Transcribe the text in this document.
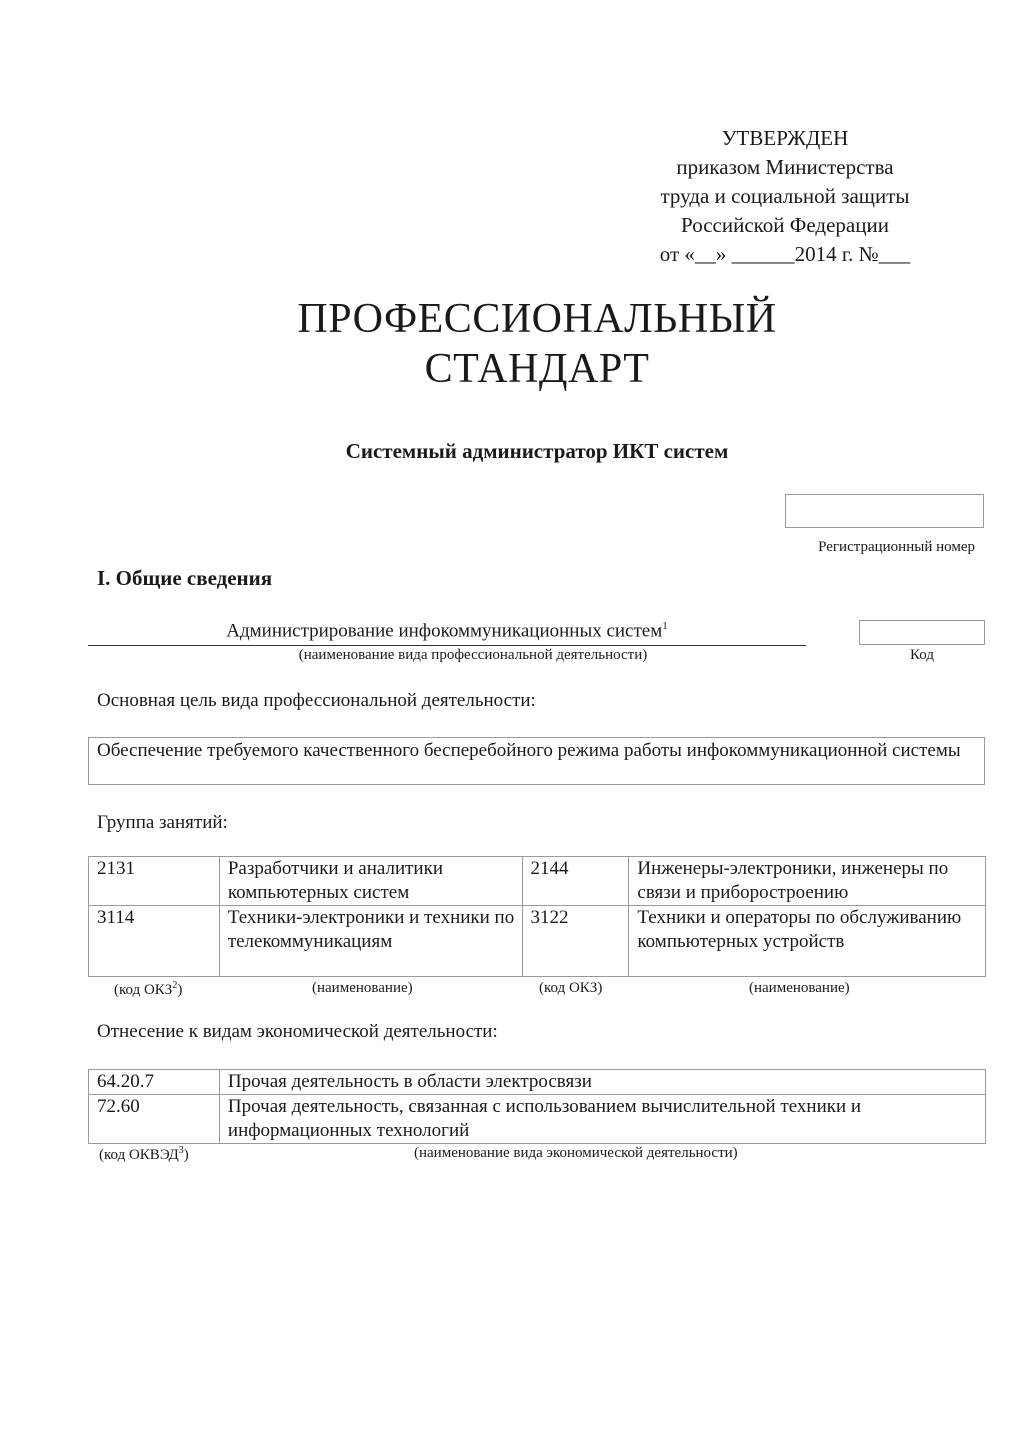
УТВЕРЖДЕН
приказом Министерства
труда и социальной защиты
Российской Федерации
от «__» ______2014 г. №___
ПРОФЕССИОНАЛЬНЫЙ
СТАНДАРТ
Системный администратор ИКТ систем
Регистрационный номер
I. Общие сведения
Администрирование инфокоммуникационных систем$^1$
(наименование вида профессиональной деятельности)	Код
Основная цель вида профессиональной деятельности:
Обеспечение требуемого качественного бесперебойного режима работы инфокоммуникационной системы
Группа занятий:
2131	Разработчики и аналитики компьютерных систем	2144	Инженеры-электроники, инженеры по связи и приборостроению
3114	Техники-электроники и техники по телекоммуникациям	3122	Техники и операторы по обслуживанию компьютерных устройств
(код ОКЗ$^2$)	(наименование)	(код ОКЗ)	(наименование)
Отнесение к видам экономической деятельности:
64.20.7	Прочая деятельность в области электросвязи
72.60	Прочая деятельность, связанная с использованием вычислительной техники и информационных технологий
(код ОКВЭД$^3$)	(наименование вида экономической деятельности)
